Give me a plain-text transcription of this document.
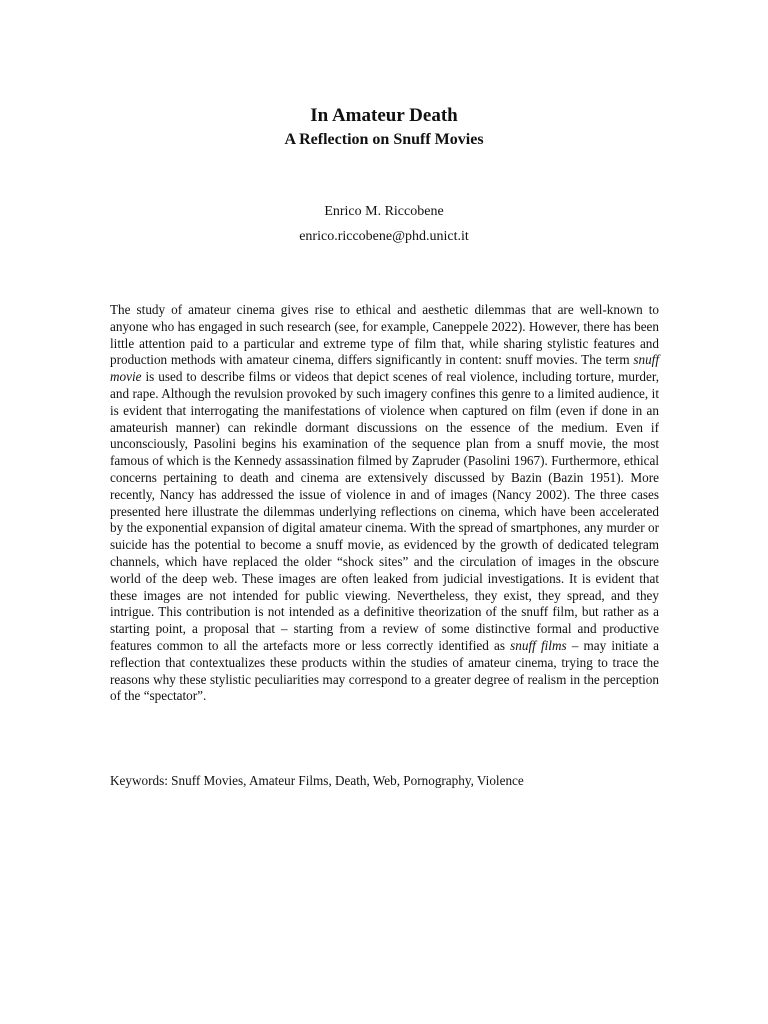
In Amateur Death
A Reflection on Snuff Movies
Enrico M. Riccobene
enrico.riccobene@phd.unict.it

The study of amateur cinema gives rise to ethical and aesthetic dilemmas that are well-known to anyone who has engaged in such research (see, for example, Caneppele 2022). However, there has been little attention paid to a particular and extreme type of film that, while sharing stylistic features and production methods with amateur cinema, differs significantly in content: snuff movies. The term snuff movie is used to describe films or videos that depict scenes of real violence, including torture, murder, and rape. Although the revulsion provoked by such imagery confines this genre to a limited audience, it is evident that interrogating the manifestations of violence when captured on film (even if done in an amateurish manner) can rekindle dormant discussions on the essence of the medium. Even if unconsciously, Pasolini begins his examination of the sequence plan from a snuff movie, the most famous of which is the Kennedy assassination filmed by Zapruder (Pasolini 1967). Furthermore, ethical concerns pertaining to death and cinema are extensively discussed by Bazin (Bazin 1951). More recently, Nancy has addressed the issue of violence in and of images (Nancy 2002). The three cases presented here illustrate the dilemmas underlying reflections on cinema, which have been accelerated by the exponential expansion of digital amateur cinema. With the spread of smartphones, any murder or suicide has the potential to become a snuff movie, as evidenced by the growth of dedicated telegram channels, which have replaced the older “shock sites” and the circulation of images in the obscure world of the deep web. These images are often leaked from judicial investigations. It is evident that these images are not intended for public viewing. Nevertheless, they exist, they spread, and they intrigue. This contribution is not intended as a definitive theorization of the snuff film, but rather as a starting point, a proposal that – starting from a review of some distinctive formal and productive features common to all the artefacts more or less correctly identified as snuff films – may initiate a reflection that contextualizes these products within the studies of amateur cinema, trying to trace the reasons why these stylistic peculiarities may correspond to a greater degree of realism in the perception of the “spectator”.

Keywords: Snuff Movies, Amateur Films, Death, Web, Pornography, Violence
